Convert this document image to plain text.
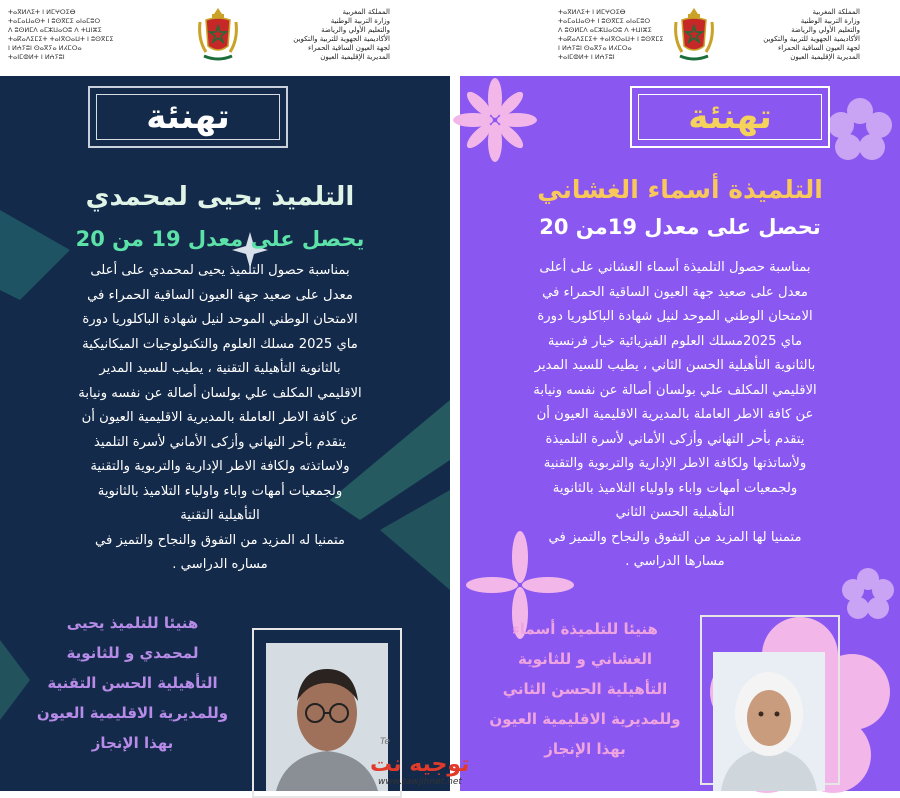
ⵜⴰⴳⵍⴷⵉⵜ ⵏ ⵍⵎⵖⵔⵉⴱ
ⵜⴰⵎⴰⵡⴰⵙⵜ ⵏ ⵓⵙⴳⵎⵉ ⴰⵏⴰⵎⵓⵔ
ⴷ ⵓⵙⵍⵎⴷ ⴰⵎⵣⵡⴰⵔⵓ ⴷ ⵜⵡⵏⵣⵉ
ⵜⴰⴽⴰⴷⵉⵎⵉⵜ ⵜⴰⵏⴳⵔⴰⵡⵜ ⵏ ⵓⵙⴳⵎⵉ
ⵏ ⵍⵄⵢⵓⵏ ⵙⴰⴳⵢⴰ ⵍⵃⵎⵔⴰ
ⵜⴰⵏⵎⵀⵍⵜ ⵏ ⵍⵄⵢⵓⵏ
المملكة المغربية
وزارة التربية الوطنية
والتعليم الأولي والرياضة
الأكاديمية الجهوية للتربية والتكوين
لجهة العيون الساقية الحمراء
المديرية الإقليمية العيون
تهنئة
التلميذ يحيى لمحمدي
يحصل على معدل 19 من 20
بمناسبة حصول التلميذ يحيى لمحمدي على أعلى
معدل على صعيد جهة العيون الساقية الحمراء في
الامتحان الوطني الموحد لنيل شهادة الباكلوريا دورة
ماي 2025 مسلك العلوم والتكنولوجيات الميكانيكية
بالثانوية التأهيلية التقنية ، يطيب للسيد المدير
الاقليمي المكلف علي بولسان أصالة عن نفسه ونيابة
عن كافة الاطر العاملة بالمديرية الاقليمية العيون أن
يتقدم بأحر التهاني وأزكى الأماني لأسرة التلميذ
ولاساتذته ولكافة الاطر الإدارية والتربوية والتقنية
ولجمعيات أمهات واباء واولياء التلاميذ بالثانوية
التأهيلية التقنية
متمنيا له المزيد من التفوق والنجاح والتميز في
مساره الدراسي .
هنيئا للتلميذ يحيى
لمحمدي و للثانوية
التأهيلية الحسن التقنية
وللمديرية الاقليمية العيون
بهذا الإنجاز
ⵜⴰⴳⵍⴷⵉⵜ ⵏ ⵍⵎⵖⵔⵉⴱ
ⵜⴰⵎⴰⵡⴰⵙⵜ ⵏ ⵓⵙⴳⵎⵉ ⴰⵏⴰⵎⵓⵔ
ⴷ ⵓⵙⵍⵎⴷ ⴰⵎⵣⵡⴰⵔⵓ ⴷ ⵜⵡⵏⵣⵉ
ⵜⴰⴽⴰⴷⵉⵎⵉⵜ ⵜⴰⵏⴳⵔⴰⵡⵜ ⵏ ⵓⵙⴳⵎⵉ
ⵏ ⵍⵄⵢⵓⵏ ⵙⴰⴳⵢⴰ ⵍⵃⵎⵔⴰ
ⵜⴰⵏⵎⵀⵍⵜ ⵏ ⵍⵄⵢⵓⵏ
المملكة المغربية
وزارة التربية الوطنية
والتعليم الأولي والرياضة
الأكاديمية الجهوية للتربية والتكوين
لجهة العيون الساقية الحمراء
المديرية الإقليمية العيون
تهنئة
التلميذة أسماء الغشاني
تحصل على معدل 19من 20
بمناسبة حصول التلميذة أسماء الغشاني على أعلى
معدل على صعيد جهة العيون الساقية الحمراء في
الامتحان الوطني الموحد لنيل شهادة الباكلوريا دورة
ماي 2025مسلك العلوم الفيزيائية خيار فرنسية
بالثانوية التأهيلية الحسن الثاني ، يطيب للسيد المدير
الاقليمي المكلف علي بولسان أصالة عن نفسه ونيابة
عن كافة الاطر العاملة بالمديرية الاقليمية العيون أن
يتقدم بأحر التهاني وأزكى الأماني لأسرة التلميذة
ولأساتذتها ولكافة الاطر الإدارية والتربوية والتقنية
ولجمعيات أمهات واباء واولياء التلاميذ بالثانوية
التأهيلية الحسن الثاني
متمنيا لها المزيد من التفوق والنجاح والتميز في
مسارها الدراسي .
هنيئا للتلميذة أسماء
الغشاني و للثانوية
التأهيلية الحسن الثاني
وللمديرية الاقليمية العيون
بهذا الإنجاز
Te
توجيه نت
www.tawjihnet.net
